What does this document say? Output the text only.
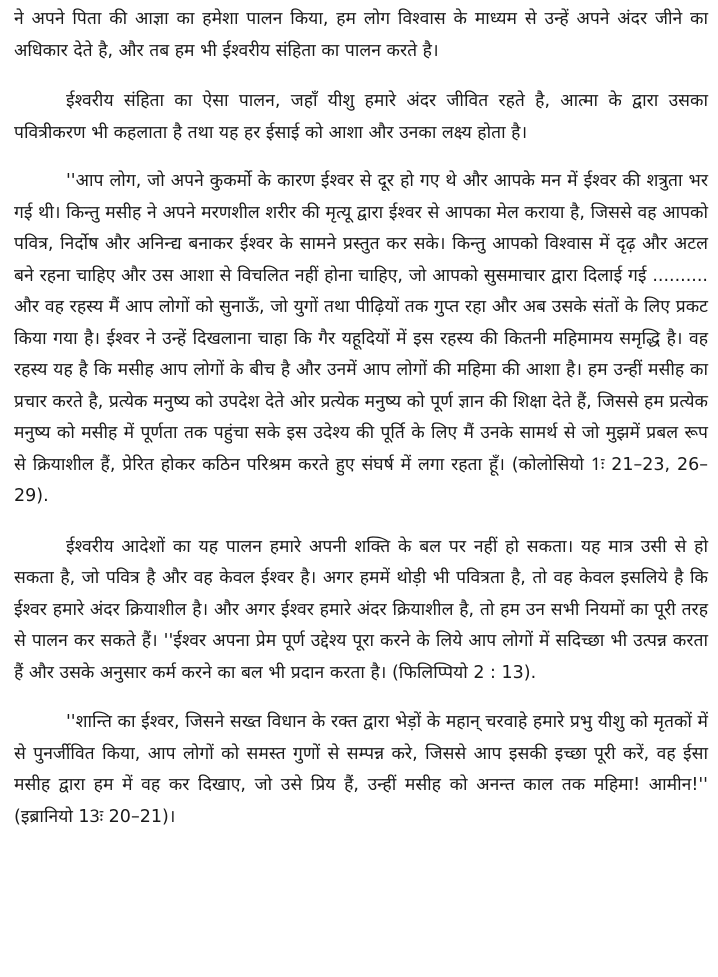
ने अपने पिता की आज्ञा का हमेशा पालन किया, हम लोग विश्वास के माध्यम से उन्हें अपने अंदर जीने का अधिकार देते है, और तब हम भी ईश्वरीय संहिता का पालन करते है।

ईश्वरीय संहिता का ऐसा पालन, जहाँ यीशु हमारे अंदर जीवित रहते है, आत्मा के द्वारा उसका पवित्रीकरण भी कहलाता है तथा यह हर ईसाई को आशा और उनका लक्ष्य होता है।

''आप लोग, जो अपने कुकर्मो के कारण ईश्वर से दूर हो गए थे और आपके मन में ईश्वर की शत्रुता भर गई थी। किन्तु मसीह ने अपने मरणशील शरीर की मृत्यू द्वारा ईश्वर से आपका मेल कराया है, जिससे वह आपको पवित्र, निर्दोष और अनिन्द्य बनाकर ईश्वर के सामने प्रस्तुत कर सके। किन्तु आपको विश्वास में दृढ़ और अटल बने रहना चाहिए और उस आशा से विचलित नहीं होना चाहिए, जो आपको सुसमाचार द्वारा दिलाई गई .......... और वह रहस्य मैं आप लोगों को सुनाऊँ, जो युगों तथा पीढ़ियों तक गुप्त रहा और अब उसके संतों के लिए प्रकट किया गया है। ईश्वर ने उन्हें दिखलाना चाहा कि गैर यहूदियों में इस रहस्य की कितनी महिमामय समृद्धि है। वह रहस्य यह है कि मसीह आप लोगों के बीच है और उनमें आप लोगों की महिमा की आशा है। हम उन्हीं मसीह का प्रचार करते है, प्रत्येक मनुष्य को उपदेश देते ओर प्रत्येक मनुष्य को पूर्ण ज्ञान की शिक्षा देते हैं, जिससे हम प्रत्येक मनुष्य को मसीह में पूर्णता तक पहुंचा सके इस उदेश्य की पूर्ति के लिए मैं उनके सामर्थ से जो मुझमें प्रबल रूप से क्रियाशील हैं, प्रेरित होकर कठिन परिश्रम करते हुए संघर्ष में लगा रहता हूँ। (कोलोसियो 1ः 21–23, 26–29).

ईश्वरीय आदेशों का यह पालन हमारे अपनी शक्ति के बल पर नहीं हो सकता। यह मात्र उसी से हो सकता है, जो पवित्र है और वह केवल ईश्वर है। अगर हममें थोड़ी भी पवित्रता है, तो वह केवल इसलिये है कि ईश्वर हमारे अंदर क्रियाशील है। और अगर ईश्वर हमारे अंदर क्रियाशील है, तो हम उन सभी नियमों का पूरी तरह से पालन कर सकते हैं। ''ईश्वर अपना प्रेम पूर्ण उद्देश्य पूरा करने के लिये आप लोगों में सदिच्छा भी उत्पन्न करता हैं और उसके अनुसार कर्म करने का बल भी प्रदान करता है। (फिलिप्पियो 2 : 13).

''शान्ति का ईश्वर, जिसने सख्त विधान के रक्त द्वारा भेड़ों के महान् चरवाहे हमारे प्रभु यीशु को मृतकों में से पुनर्जीवित किया, आप लोगों को समस्त गुणों से सम्पन्न करे, जिससे आप इसकी इच्छा पूरी करें, वह ईसा मसीह द्वारा हम में वह कर दिखाए, जो उसे प्रिय हैं, उन्हीं मसीह को अनन्त काल तक महिमा! आमीन!'' (इब्रानियो 13ः 20–21)।
